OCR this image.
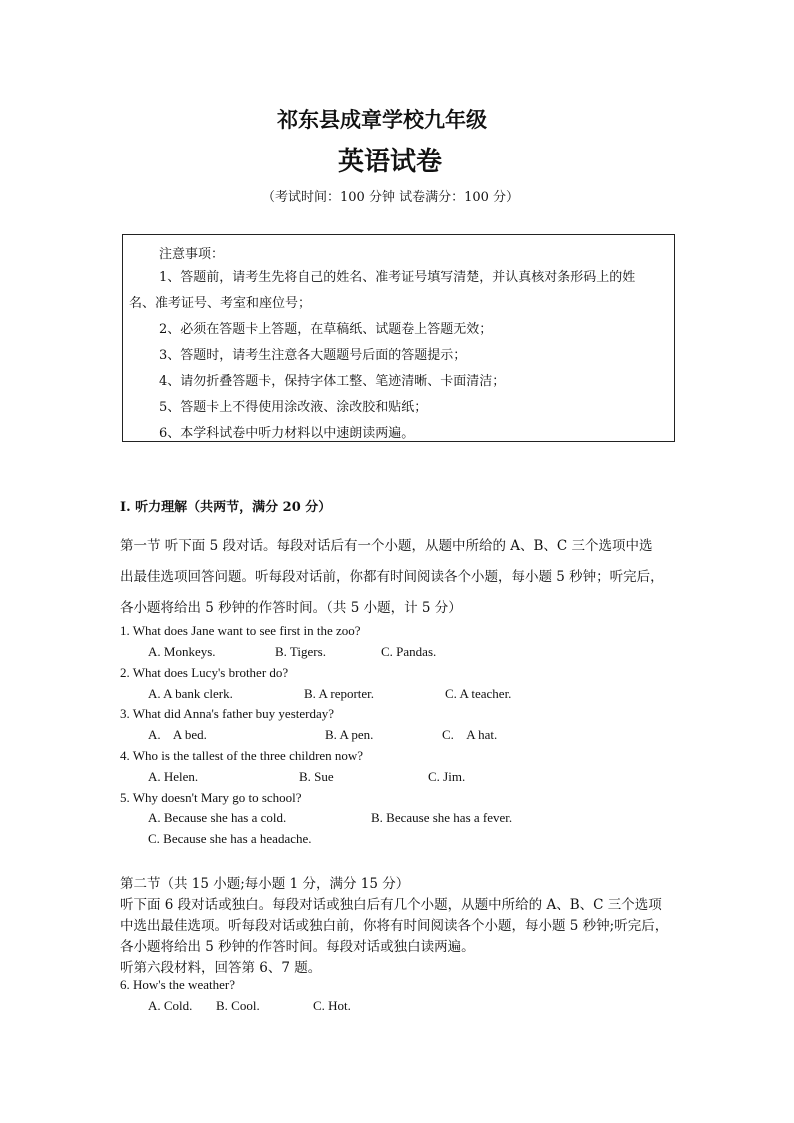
祁东县成章学校九年级
英语试卷
（考试时间：100 分钟 试卷满分：100 分）
注意事项：
1、答题前，请考生先将自己的姓名、准考证号填写清楚，并认真核对条形码上的姓
名、准考证号、考室和座位号；
2、必须在答题卡上答题，在草稿纸、试题卷上答题无效；
3、答题时，请考生注意各大题题号后面的答题提示；
4、请勿折叠答题卡，保持字体工整、笔迹清晰、卡面清洁；
5、答题卡上不得使用涂改液、涂改胶和贴纸；
6、本学科试卷中听力材料以中速朗读两遍。
I. 听力理解（共两节，满分 20 分）
第一节 听下面 5 段对话。每段对话后有一个小题，从题中所给的 A、B、C 三个选项中选
出最佳选项回答问题。听每段对话前，你都有时间阅读各个小题，每小题 5 秒钟；听完后，
各小题将给出 5 秒钟的作答时间。（共 5 小题，计 5 分）
1. What does Jane want to see first in the zoo?
A. Monkeys.	B. Tigers.	C. Pandas.
2. What does Lucy's brother do?
A. A bank clerk.	B. A reporter.	C. A teacher.
3. What did Anna's father buy yesterday?
A.    A bed.	B. A pen.	C.    A hat.
4. Who is the tallest of the three children now?
A. Helen.	B. Sue	C. Jim.
5. Why doesn't Mary go to school?
A. Because she has a cold.	B. Because she has a fever.
C. Because she has a headache.
第二节（共 15 小题;每小题 1 分，满分 15 分）
听下面 6 段对话或独白。每段对话或独白后有几个小题，从题中所给的 A、B、C 三个选项
中选出最佳选项。听每段对话或独白前，你将有时间阅读各个小题，每小题 5 秒钟;听完后，
各小题将给出 5 秒钟的作答时间。每段对话或独白读两遍。
听第六段材料，回答第 6、7 题。
6. How's the weather?
A. Cold. B. Cool.	C. Hot.
